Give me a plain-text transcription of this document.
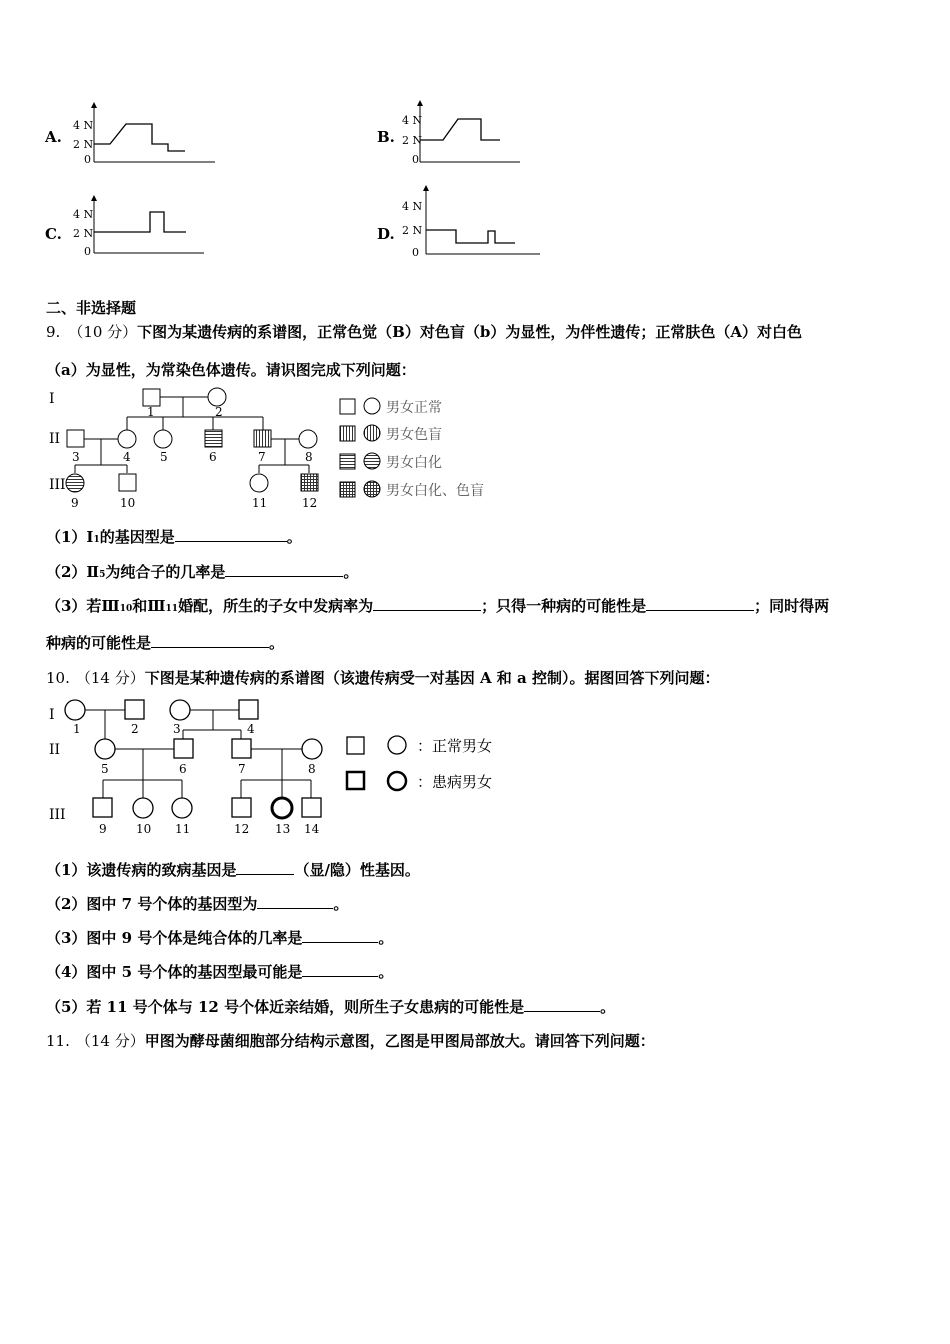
A.
4 N
2 N
0
B.
4 N
2 N
0
C.
4 N
2 N
0
D.
4 N
2 N
0
二、非选择题
9. （10 分）下图为某遗传病的系谱图，正常色觉（B）对色盲（b）为显性，为伴性遗传；正常肤色（A）对白色
（a）为显性，为常染色体遗传。请识图完成下列问题：
I
II
III
1	2
3	4 5	6	7	8
9	10	11	12
男女正常
男女色盲
男女白化
男女白化、色盲
（1）Ⅰ1的基因型是	。
（2）Ⅱ5为纯合子的几率是	。
（3）若Ⅲ10和Ⅲ11婚配，所生的子女中发病率为	；只得一种病的可能性是	；同时得两
种病的可能性是	。
10. （14 分）下图是某种遗传病的系谱图（该遗传病受一对基因 A 和 a 控制）。据图回答下列问题：
I
II
III
1	2	3	4
5	6	7	8
9 10 11	12 13 14
：正常男女
：患病男女
（1）该遗传病的致病基因是	（显/隐）性基因。
（2）图中 7 号个体的基因型为	。
（3）图中 9 号个体是纯合体的几率是	。
（4）图中 5 号个体的基因型最可能是	。
（5）若 11 号个体与 12 号个体近亲结婚，则所生子女患病的可能性是	。
11. （14 分）甲图为酵母菌细胞部分结构示意图，乙图是甲图局部放大。请回答下列问题：
